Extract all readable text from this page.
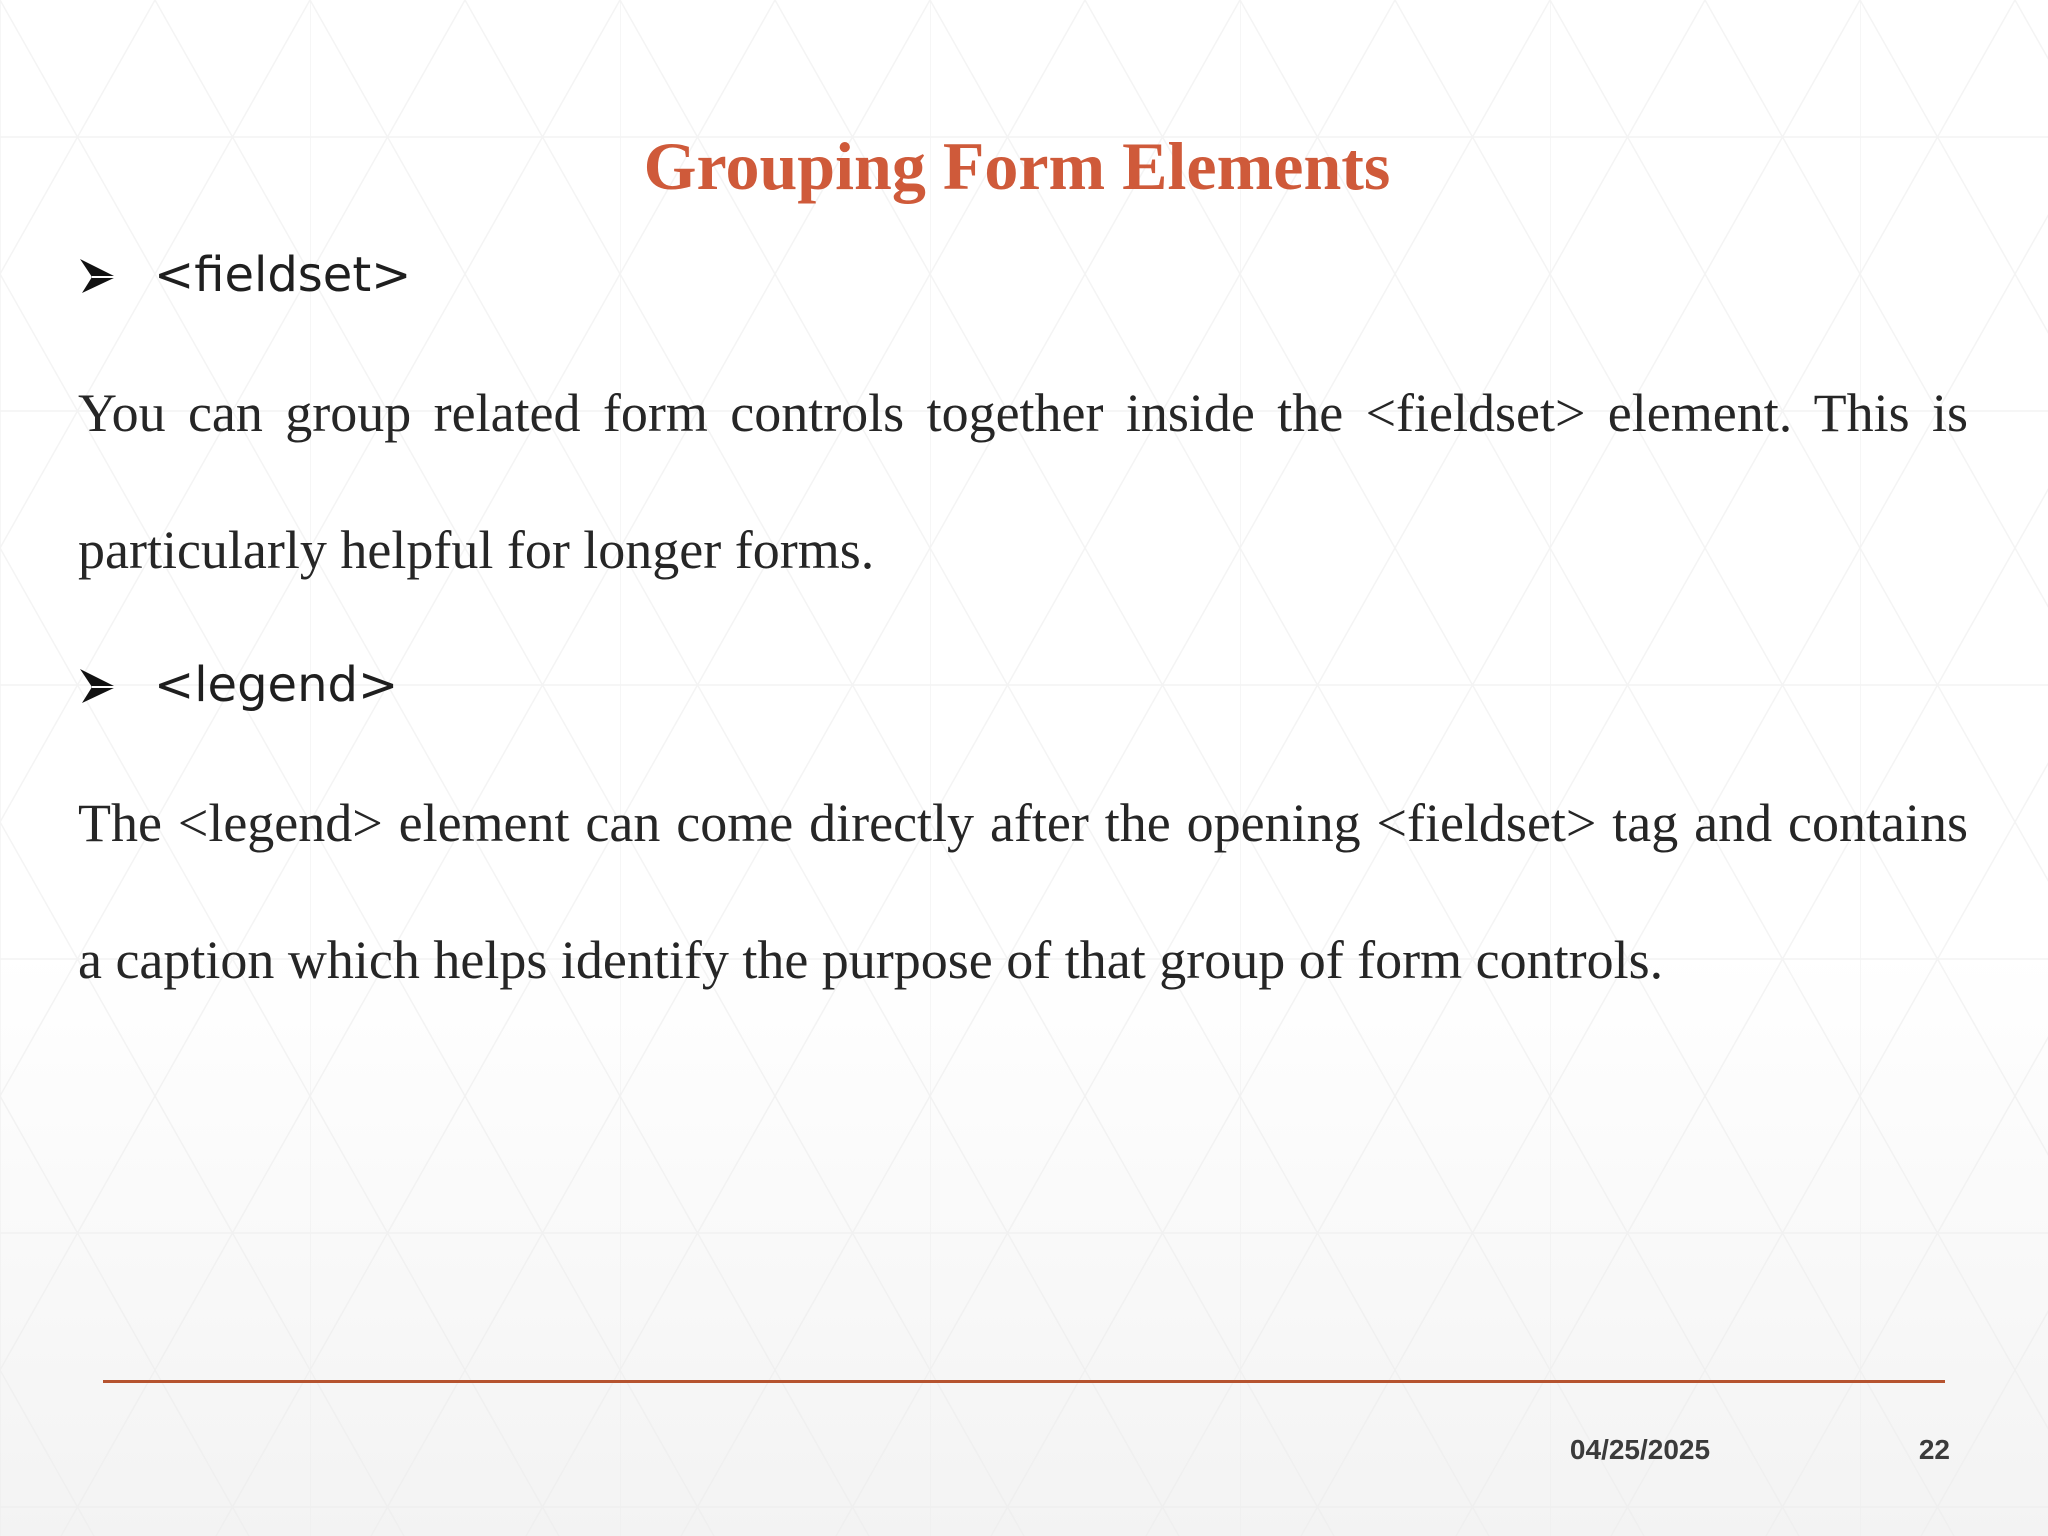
Grouping Form Elements
<fieldset>

You can group related form controls together inside the <fieldset> element. This is particularly helpful for longer forms.

<legend>

The <legend> element can come directly after the opening <fieldset> tag and contains a caption which helps identify the purpose of that group of form controls.

04/25/2025	22
